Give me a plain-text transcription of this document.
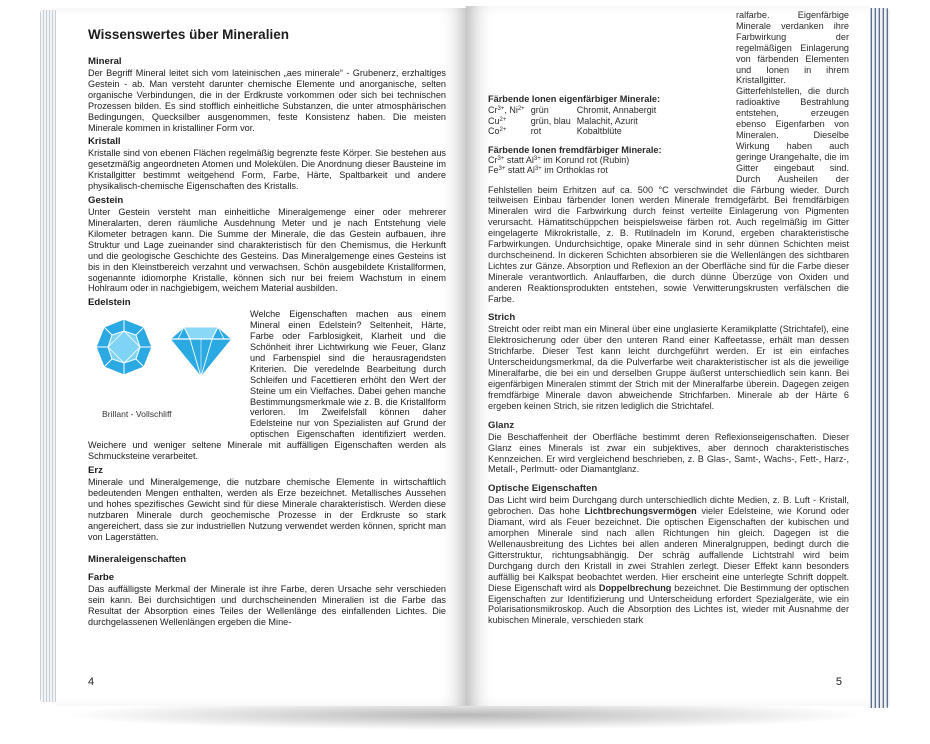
Wissenswertes über Mineralien
Mineral

Der Begriff Mineral leitet sich vom lateinischen „aes minerale“ - Grubenerz, erzhaltiges Gestein - ab. Man versteht darunter chemische Elemente und anorganische, selten organische Verbindungen, die in der Erdkruste vorkommen oder sich bei technischen Prozessen bilden. Es sind stofflich einheitliche Substanzen, die unter atmosphärischen Bedingungen, Quecksilber ausgenommen, feste Konsistenz haben. Die meisten Minerale kommen in kristalliner Form vor.

Kristall

Kristalle sind von ebenen Flächen regelmäßig begrenzte feste Körper. Sie bestehen aus gesetzmäßig angeordneten Atomen und Molekülen. Die Anordnung dieser Bausteine im Kristallgitter bestimmt weitgehend Form, Farbe, Härte, Spaltbarkeit und andere physikalisch-chemische Eigenschaften des Kristalls.

Gestein

Unter Gestein versteht man einheitliche Mineralgemenge einer oder mehrerer Mineralarten, deren räumliche Ausdehnung Meter und je nach Entstehung viele Kilometer betragen kann. Die Summe der Minerale, die das Gestein aufbauen, ihre Struktur und Lage zueinander sind charakteristisch für den Chemismus, die Herkunft und die geologische Geschichte des Gesteins. Das Mineralgemenge eines Gesteins ist bis in den Kleinstbereich verzahnt und verwachsen. Schön ausgebildete Kristallformen, sogenannte idiomorphe Kristalle, können sich nur bei freiem Wachstum in einem Hohlraum oder in nachgiebigem, weichem Material ausbilden.

Edelstein
Brillant - Vollschliff

Welche Eigenschaften machen aus einem Mineral einen Edelstein? Seltenheit, Härte, Farbe oder Farblosigkeit, Klarheit und die Schönheit ihrer Lichtwirkung wie Feuer, Glanz und Farbenspiel sind die herausragendsten Kriterien. Die veredelnde Bearbeitung durch Schleifen und Facettieren erhöht den Wert der Steine um ein Vielfaches. Dabei gehen manche Bestimmungsmerkmale wie z. B. die Kristallform verloren. Im Zweifelsfall können daher Edelsteine nur von Spezialisten auf Grund der optischen Eigenschaften identifiziert werden. Weichere und weniger seltene Minerale mit auffälligen Eigenschaften werden als Schmucksteine verarbeitet.

Erz

Minerale und Mineralgemenge, die nutzbare chemische Elemente in wirtschaftlich bedeutenden Mengen enthalten, werden als Erze bezeichnet. Metallisches Aussehen und hohes spezifisches Gewicht sind für diese Minerale charakteristisch. Werden diese nutzbaren Minerale durch geochemische Prozesse in der Erdkruste so stark angereichert, dass sie zur industriellen Nutzung verwendet werden können, spricht man von Lagerstätten.

Mineraleigenschaften
Farbe

Das auffälligste Merkmal der Minerale ist ihre Farbe, deren Ursache sehr verschieden sein kann. Bei durchsichtigen und durchscheinenden Mineralien ist die Farbe das Resultat der Absorption eines Teiles der Wellenlänge des einfallenden Lichtes. Die durchgelassenen Wellenlängen ergeben die Mine-

4
Färbende Ionen eigenfärbiger Minerale:
$Cr^{3+}$, $Ni^{2+}$	grün	Chromit, Annabergit
$Cu^{2+}$	grün, blau	Malachit, Azurit
$Co^{2+}$	rot	Kobaltblüte
Färbende Ionen fremdfärbiger Minerale:
$Cr^{3+}$ statt $Al^{3+}$ im Korund rot (Rubin)
$Fe^{3+}$ statt $Al^{3+}$ im Orthoklas rot

ralfarbe. Eigenfärbige Minerale verdanken ihre Farbwirkung der regelmäßigen Einlagerung von färbenden Elementen und Ionen in ihrem Kristallgitter. Gitterfehlstellen, die durch radioaktive Bestrahlung entstehen, erzeugen ebenso Eigenfarben von Mineralen. Dieselbe Wirkung haben auch geringe Urangehalte, die im Gitter eingebaut sind. Durch Ausheilen der Fehlstellen beim Erhitzen auf ca. 500 °C verschwindet die Färbung wieder. Durch teilweisen Einbau färbender Ionen werden Minerale fremdgefärbt. Bei fremdfärbigen Mineralen wird die Farbwirkung durch feinst verteilte Einlagerung von Pigmenten verursacht. Hämatitschüppchen beispielsweise färben rot. Auch regelmäßig im Gitter eingelagerte Mikrokristalle, z. B. Rutilnadeln im Korund, ergeben charakteristische Farbwirkungen. Undurchsichtige, opake Minerale sind in sehr dünnen Schichten meist durchscheinend. In dickeren Schichten absorbieren sie die Wellenlängen des sichtbaren Lichtes zur Gänze. Absorption und Reflexion an der Oberfläche sind für die Farbe dieser Minerale verantwortlich. Anlauffarben, die durch dünne Überzüge von Oxiden und anderen Reaktionsprodukten entstehen, sowie Verwitterungskrusten verfälschen die Farbe.

Strich

Streicht oder reibt man ein Mineral über eine unglasierte Keramikplatte (Strichtafel), eine Elektrosicherung oder über den unteren Rand einer Kaffeetasse, erhält man dessen Strichfarbe. Dieser Test kann leicht durchgeführt werden. Er ist ein einfaches Unterscheidungsmerkmal, da die Pulverfarbe weit charakteristischer ist als die jeweilige Mineralfarbe, die bei ein und derselben Gruppe äußerst unterschiedlich sein kann. Bei eigenfärbigen Mineralen stimmt der Strich mit der Mineralfarbe überein. Dagegen zeigen fremdfärbige Minerale davon abweichende Strichfarben. Minerale ab der Härte 6 ergeben keinen Strich, sie ritzen lediglich die Strichtafel.

Glanz

Die Beschaffenheit der Oberfläche bestimmt deren Reflexionseigenschaften. Dieser Glanz eines Minerals ist zwar ein subjektives, aber dennoch charakteristisches Kennzeichen. Er wird vergleichend beschrieben, z. B Glas-, Samt-, Wachs-, Fett-, Harz-, Metall-, Perlmutt- oder Diamantglanz.

Optische Eigenschaften

Das Licht wird beim Durchgang durch unterschiedlich dichte Medien, z. B. Luft - Kristall, gebrochen. Das hohe Lichtbrechungsvermögen vieler Edelsteine, wie Korund oder Diamant, wird als Feuer bezeichnet. Die optischen Eigenschaften der kubischen und amorphen Minerale sind nach allen Richtungen hin gleich. Dagegen ist die Wellenausbreitung des Lichtes bei allen anderen Mineralgruppen, bedingt durch die Gitterstruktur, richtungsabhängig. Der schräg auffallende Lichtstrahl wird beim Durchgang durch den Kristall in zwei Strahlen zerlegt. Dieser Effekt kann besonders auffällig bei Kalkspat beobachtet werden. Hier erscheint eine unterlegte Schrift doppelt. Diese Eigenschaft wird als Doppelbrechung bezeichnet. Die Bestimmung der optischen Eigenschaften zur Identifizierung und Unterscheidung erfordert Spezialgeräte, wie ein Polarisationsmikroskop. Auch die Absorption des Lichtes ist, wieder mit Ausnahme der kubischen Minerale, verschieden stark

5
